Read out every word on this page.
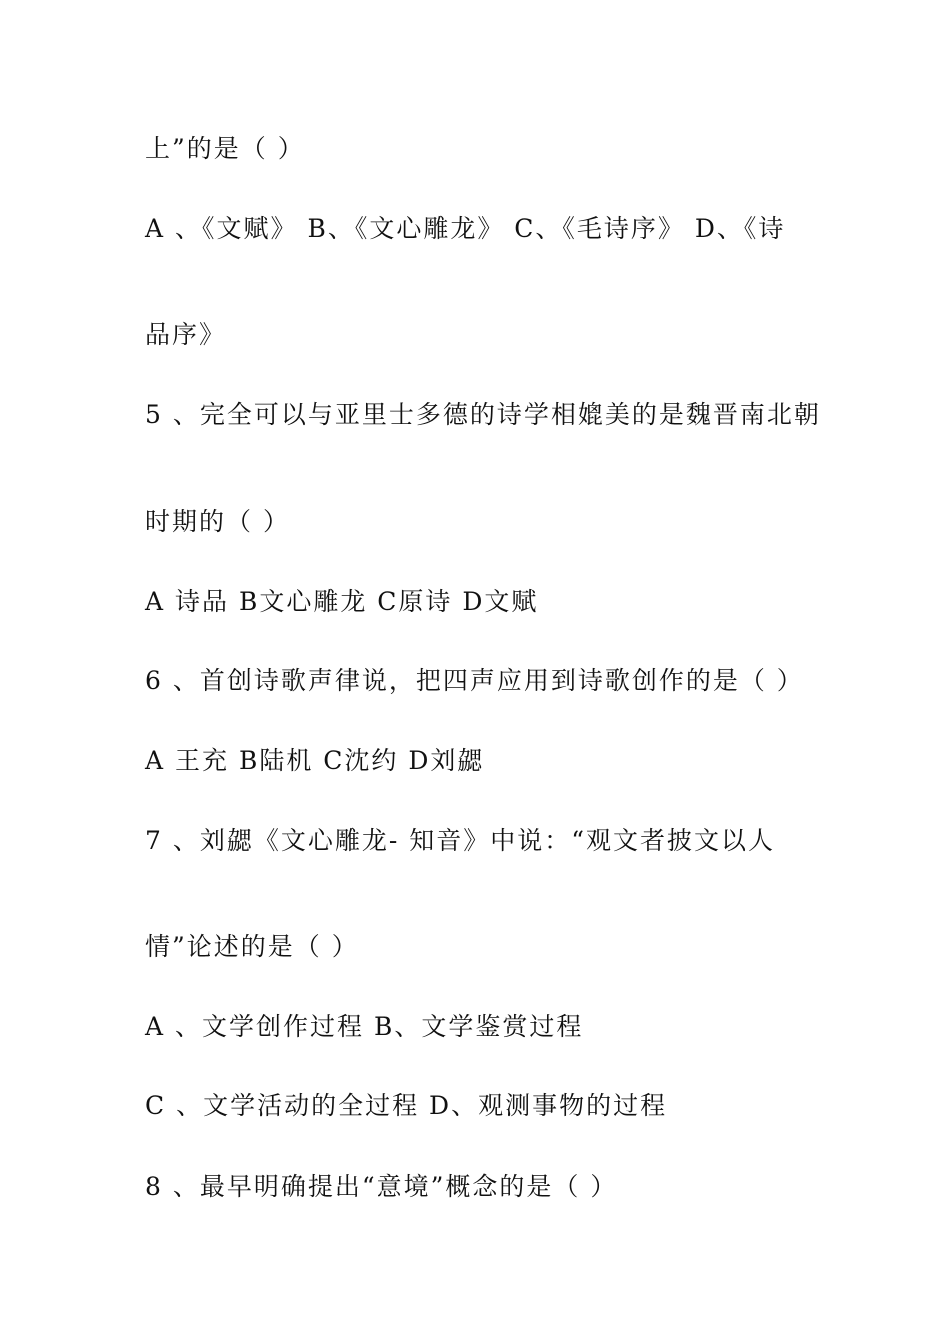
上”的是（ ）
A 、《文赋》 B、《文心雕龙》 C、《毛诗序》 D、《诗
品序》
5 、完全可以与亚里士多德的诗学相媲美的是魏晋南北朝
时期的（ ）
A 诗品 B文心雕龙 C原诗 D文赋
6 、首创诗歌声律说，把四声应用到诗歌创作的是（ ）
A 王充 B陆机 C沈约 D刘勰
7 、刘勰《文心雕龙- 知音》中说：“观文者披文以人
情”论述的是（ ）
A 、文学创作过程 B、文学鉴赏过程
C 、文学活动的全过程 D、观测事物的过程
8 、最早明确提出“意境”概念的是（ ）
